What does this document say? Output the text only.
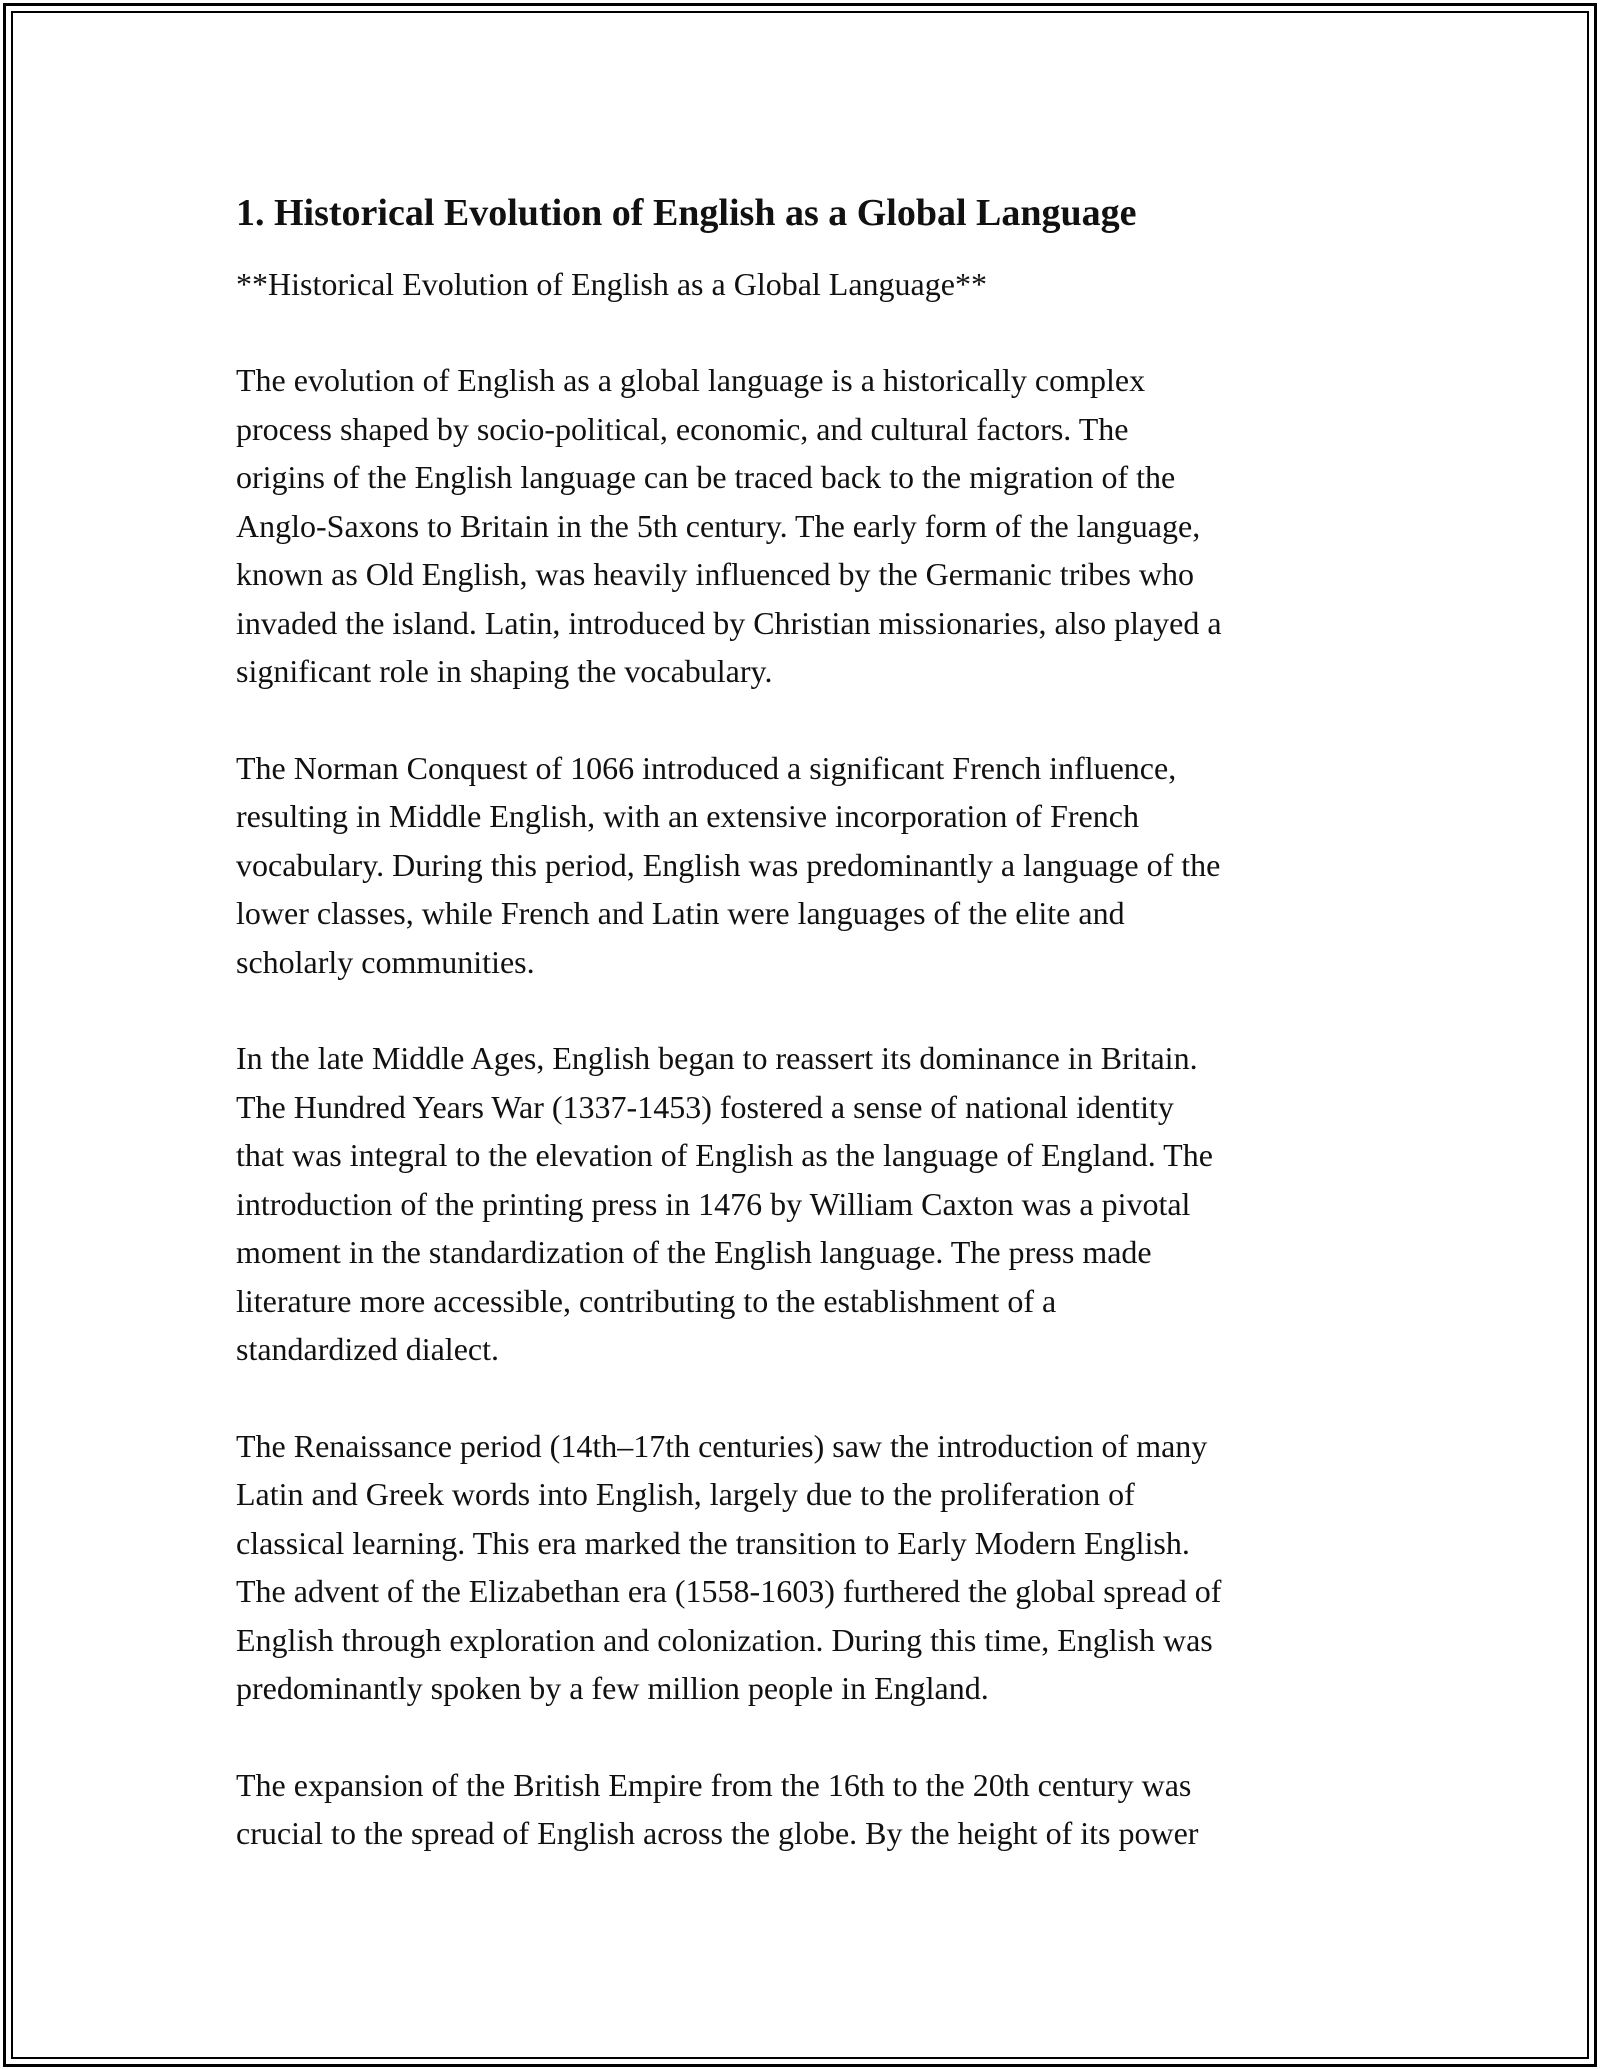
1. Historical Evolution of English as a Global Language
**Historical Evolution of English as a Global Language**

The evolution of English as a global language is a historically complex
process shaped by socio-political, economic, and cultural factors. The
origins of the English language can be traced back to the migration of the
Anglo-Saxons to Britain in the 5th century. The early form of the language,
known as Old English, was heavily influenced by the Germanic tribes who
invaded the island. Latin, introduced by Christian missionaries, also played a
significant role in shaping the vocabulary.

The Norman Conquest of 1066 introduced a significant French influence,
resulting in Middle English, with an extensive incorporation of French
vocabulary. During this period, English was predominantly a language of the
lower classes, while French and Latin were languages of the elite and
scholarly communities.

In the late Middle Ages, English began to reassert its dominance in Britain.
The Hundred Years War (1337-1453) fostered a sense of national identity
that was integral to the elevation of English as the language of England. The
introduction of the printing press in 1476 by William Caxton was a pivotal
moment in the standardization of the English language. The press made
literature more accessible, contributing to the establishment of a
standardized dialect.

The Renaissance period (14th–17th centuries) saw the introduction of many
Latin and Greek words into English, largely due to the proliferation of
classical learning. This era marked the transition to Early Modern English.
The advent of the Elizabethan era (1558-1603) furthered the global spread of
English through exploration and colonization. During this time, English was
predominantly spoken by a few million people in England.

The expansion of the British Empire from the 16th to the 20th century was
crucial to the spread of English across the globe. By the height of its power
